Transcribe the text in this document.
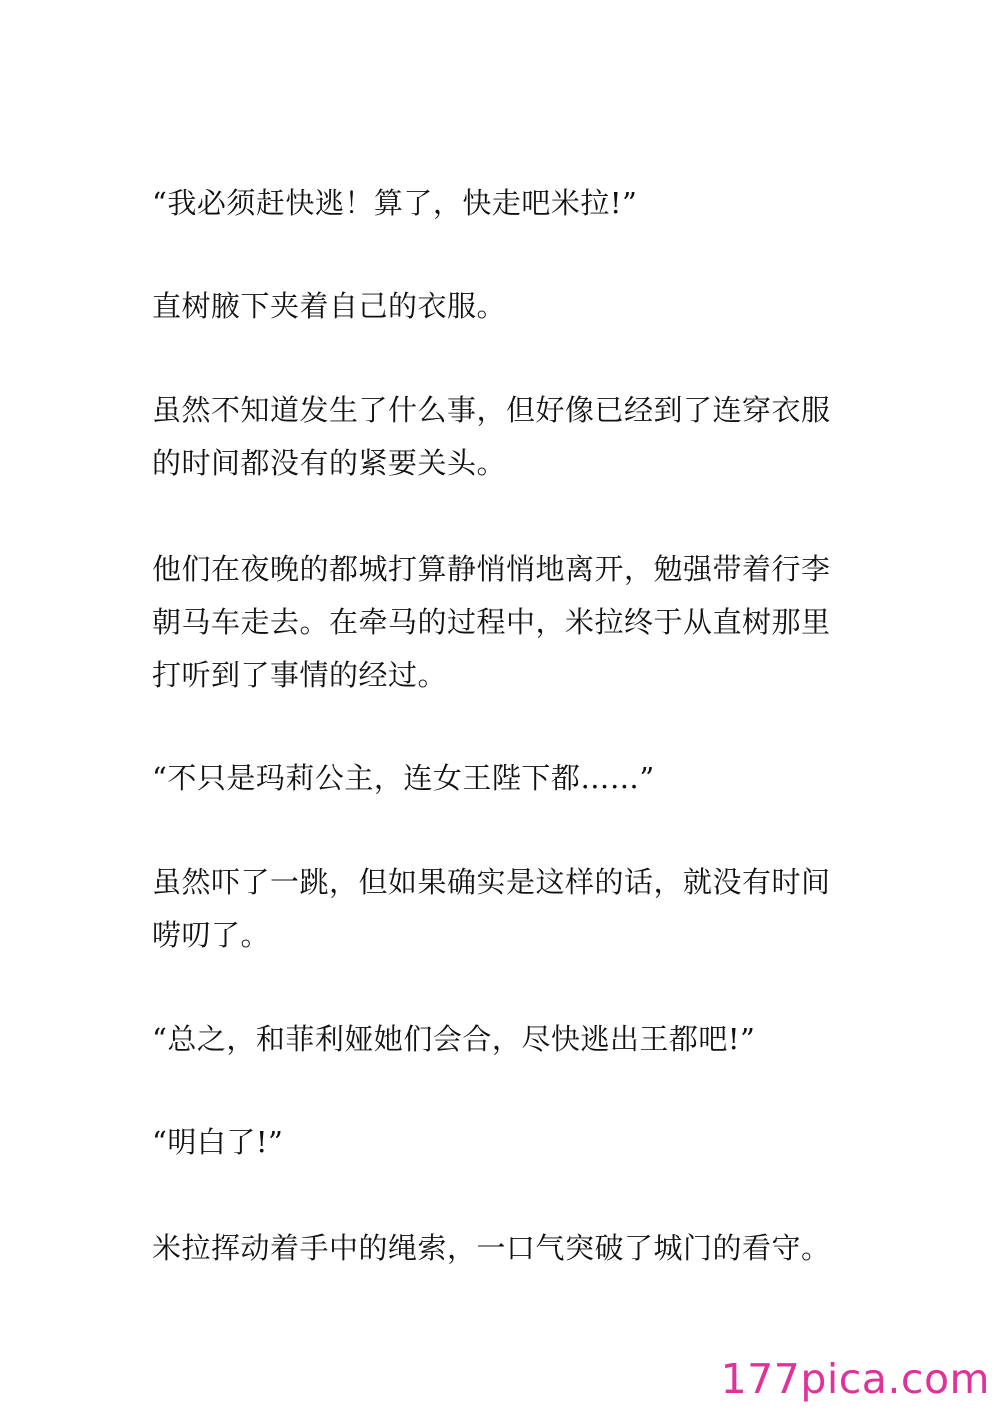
“我必须赶快逃！算了，快走吧米拉!”

直树腋下夹着自己的衣服。

虽然不知道发生了什么事，但好像已经到了连穿衣服
的时间都没有的紧要关头。

他们在夜晚的都城打算静悄悄地离开，勉强带着行李
朝马车走去。在牵马的过程中，米拉终于从直树那里
打听到了事情的经过。

“不只是玛莉公主，连女王陛下都……”

虽然吓了一跳，但如果确实是这样的话，就没有时间
唠叨了。

“总之，和菲利娅她们会合，尽快逃出王都吧!”

“明白了!”

米拉挥动着手中的绳索，一口气突破了城门的看守。

177pica.com
